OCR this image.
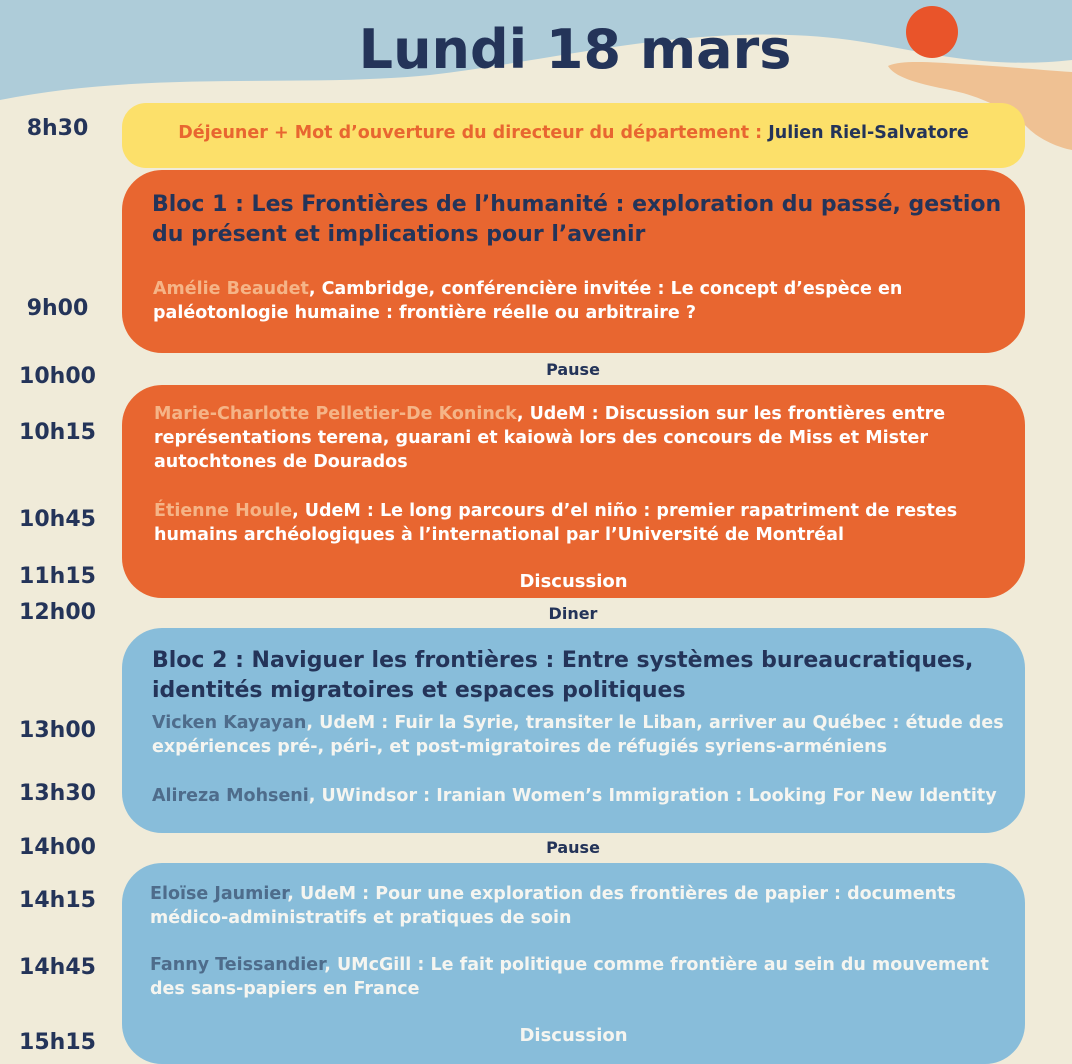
Lundi 18 mars
8h30
9h00
10h00
10h15
10h45
11h15
12h00
13h00
13h30
14h00
14h15
14h45
15h15
Déjeuner + Mot d’ouverture du directeur du département : Julien Riel-Salvatore
Bloc 1 : Les Frontières de l’humanité : exploration du passé, gestion
du présent et implications pour l’avenir
Amélie Beaudet, Cambridge, conférencière invitée : Le concept d’espèce en
paléotonlogie humaine : frontière réelle ou arbitraire ?
Pause
Marie-Charlotte Pelletier-De Koninck, UdeM : Discussion sur les frontières entre
représentations terena, guarani et kaiowà lors des concours de Miss et Mister
autochtones de Dourados
Étienne Houle, UdeM : Le long parcours d’el niño : premier rapatriment de restes
humains archéologiques à l’international par l’Université de Montréal
Discussion
Diner
Bloc 2 : Naviguer les frontières : Entre systèmes bureaucratiques,
identités migratoires et espaces politiques
Vicken Kayayan, UdeM : Fuir la Syrie, transiter le Liban, arriver au Québec : étude des
expériences pré-, péri-, et post-migratoires de réfugiés syriens-arméniens
Alireza Mohseni, UWindsor : Iranian Women’s Immigration : Looking For New Identity
Pause
Eloïse Jaumier, UdeM : Pour une exploration des frontières de papier : documents
médico-administratifs et pratiques de soin
Fanny Teissandier, UMcGill : Le fait politique comme frontière au sein du mouvement
des sans-papiers en France
Discussion
